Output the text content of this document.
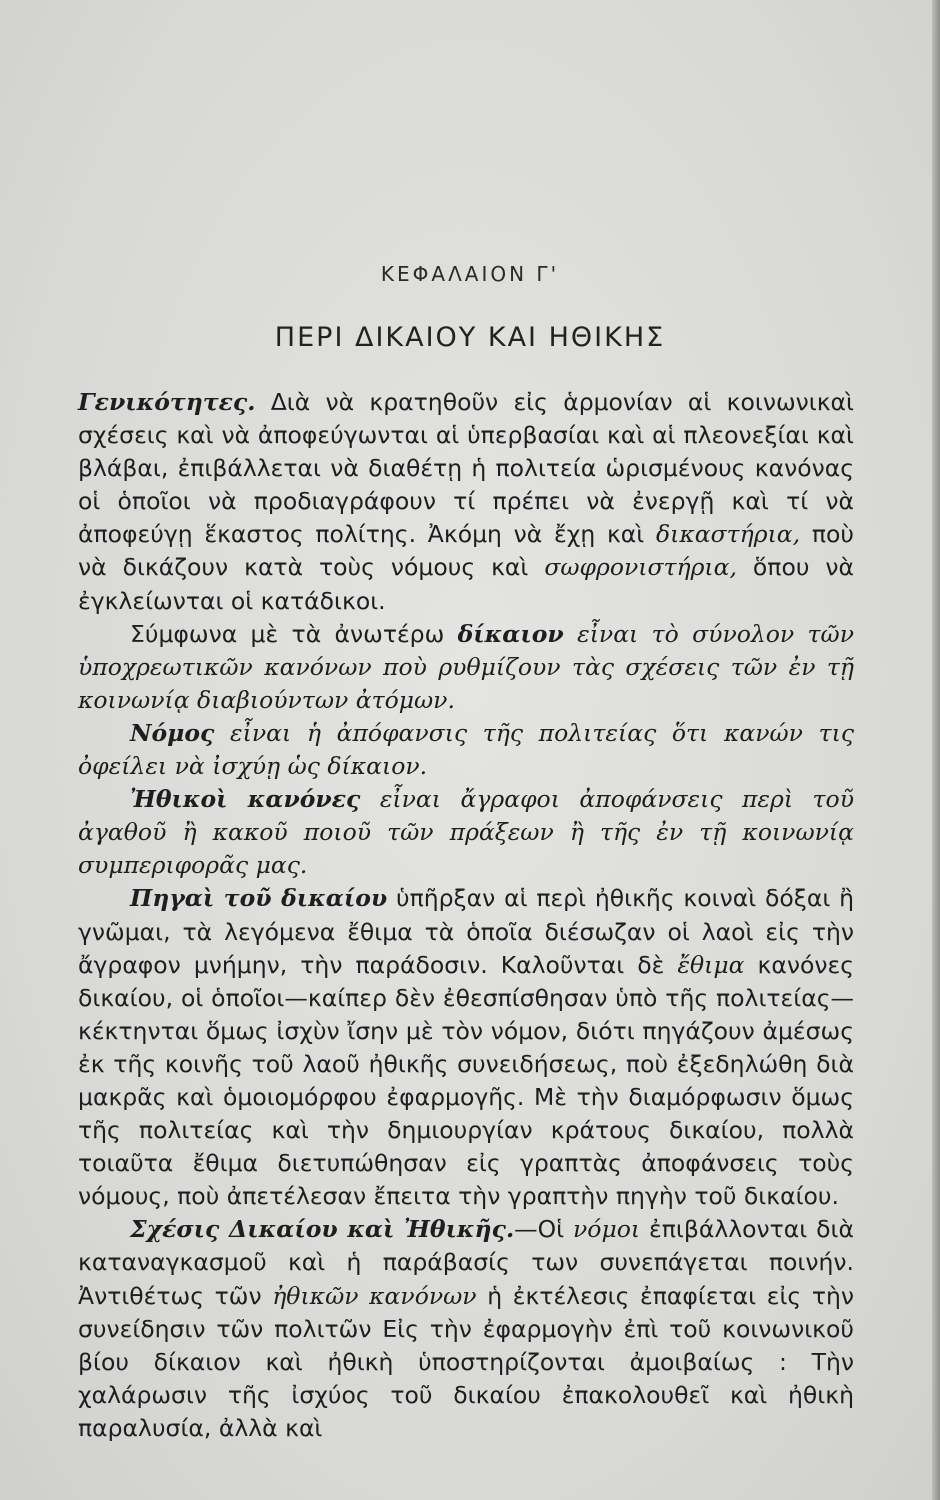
ΚΕΦΑΛΑΙΟΝ Γ'
ΠΕΡΙ ΔΙΚΑΙΟΥ ΚΑΙ ΗΘΙΚΗΣ

Γενικότητες. Διὰ νὰ κρατηθοῦν εἰς ἁρμονίαν αἱ κοινωνικαὶ σχέσεις καὶ νὰ ἀποφεύγωνται αἱ ὑπερβασίαι καὶ αἱ πλεονεξίαι καὶ βλάβαι, ἐπιβάλλεται νὰ διαθέτῃ ἡ πολιτεία ὡρισμένους κανόνας οἱ ὁποῖοι νὰ προδιαγράφουν τί πρέπει νὰ ἐνεργῇ καὶ τί νὰ ἀποφεύγῃ ἕκαστος πολίτης. Ἀκόμη νὰ ἔχῃ καὶ δικαστήρια, ποὺ νὰ δικάζουν κατὰ τοὺς νόμους καὶ σωφρονιστήρια, ὅπου νὰ ἐγκλείωνται οἱ κατάδικοι.

Σύμφωνα μὲ τὰ ἀνωτέρω δίκαιον εἶναι τὸ σύνολον τῶν ὑποχρεωτικῶν κανόνων ποὺ ρυθμίζουν τὰς σχέσεις τῶν ἐν τῇ κοινωνίᾳ διαβιούντων ἀτόμων.

Νόμος εἶναι ἡ ἀπόφανσις τῆς πολιτείας ὅτι κανών τις ὀφείλει νὰ ἰσχύῃ ὡς δίκαιον.

Ἠθικοὶ κανόνες εἶναι ἄγραφοι ἀποφάνσεις περὶ τοῦ ἀγαθοῦ ἢ κακοῦ ποιοῦ τῶν πράξεων ἢ τῆς ἐν τῇ κοινωνίᾳ συμπεριφορᾶς μας.

Πηγαὶ τοῦ δικαίου ὑπῆρξαν αἱ περὶ ἠθικῆς κοιναὶ δόξαι ἢ γνῶμαι, τὰ λεγόμενα ἔθιμα τὰ ὁποῖα διέσωζαν οἱ λαοὶ εἰς τὴν ἄγραφον μνήμην, τὴν παράδοσιν. Καλοῦνται δὲ ἔθιμα κανόνες δικαίου, οἱ ὁποῖοι—καίπερ δὲν ἐθεσπίσθησαν ὑπὸ τῆς πολιτείας—κέκτηνται ὅμως ἰσχὺν ἴσην μὲ τὸν νόμον, διότι πηγάζουν ἀμέσως ἐκ τῆς κοινῆς τοῦ λαοῦ ἠθικῆς συνειδήσεως, ποὺ ἐξεδηλώθη διὰ μακρᾶς καὶ ὁμοιομόρφου ἐφαρμογῆς. Μὲ τὴν διαμόρφωσιν ὅμως τῆς πολιτείας καὶ τὴν δημιουργίαν κράτους δικαίου, πολλὰ τοιαῦτα ἔθιμα διετυπώθησαν εἰς γραπτὰς ἀποφάνσεις τοὺς νόμους, ποὺ ἀπετέλεσαν ἔπειτα τὴν γραπτὴν πηγὴν τοῦ δικαίου.

Σχέσις Δικαίου καὶ Ἠθικῆς.—Οἱ νόμοι ἐπιβάλλονται διὰ καταναγκασμοῦ καὶ ἡ παράβασίς των συνεπάγεται ποινήν. Ἀντιθέτως τῶν ἠθικῶν κανόνων ἡ ἐκτέλεσις ἐπαφίεται εἰς τὴν συνείδησιν τῶν πολιτῶν Εἰς τὴν ἐφαρμογὴν ἐπὶ τοῦ κοινωνικοῦ βίου δίκαιον καὶ ἠθικὴ ὑποστηρίζονται ἀμοιβαίως : Τὴν χαλάρωσιν τῆς ἰσχύος τοῦ δικαίου ἐπακολουθεῖ καὶ ἠθικὴ παραλυσία, ἀλλὰ καὶ
